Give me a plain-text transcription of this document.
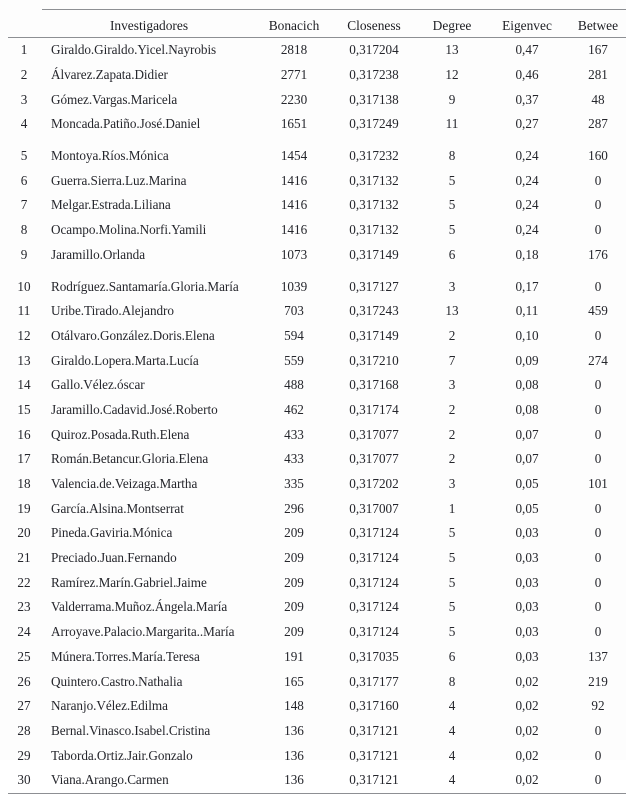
	Investigadores	Bonacich	Closeness	Degree	Eigenvec	Betwee
1	Giraldo.Giraldo.Yicel.Nayrobis	2818	0,317204	13	0,47	167
2	Álvarez.Zapata.Didier	2771	0,317238	12	0,46	281
3	Gómez.Vargas.Maricela	2230	0,317138	9	0,37	48
4	Moncada.Patiño.José.Daniel	1651	0,317249	11	0,27	287
5	Montoya.Ríos.Mónica	1454	0,317232	8	0,24	160
6	Guerra.Sierra.Luz.Marina	1416	0,317132	5	0,24	0
7	Melgar.Estrada.Liliana	1416	0,317132	5	0,24	0
8	Ocampo.Molina.Norfi.Yamili	1416	0,317132	5	0,24	0
9	Jaramillo.Orlanda	1073	0,317149	6	0,18	176
10	Rodríguez.Santamaría.Gloria.María	1039	0,317127	3	0,17	0
11	Uribe.Tirado.Alejandro	703	0,317243	13	0,11	459
12	Otálvaro.González.Doris.Elena	594	0,317149	2	0,10	0
13	Giraldo.Lopera.Marta.Lucía	559	0,317210	7	0,09	274
14	Gallo.Vélez.óscar	488	0,317168	3	0,08	0
15	Jaramillo.Cadavid.José.Roberto	462	0,317174	2	0,08	0
16	Quiroz.Posada.Ruth.Elena	433	0,317077	2	0,07	0
17	Román.Betancur.Gloria.Elena	433	0,317077	2	0,07	0
18	Valencia.de.Veizaga.Martha	335	0,317202	3	0,05	101
19	García.Alsina.Montserrat	296	0,317007	1	0,05	0
20	Pineda.Gaviria.Mónica	209	0,317124	5	0,03	0
21	Preciado.Juan.Fernando	209	0,317124	5	0,03	0
22	Ramírez.Marín.Gabriel.Jaime	209	0,317124	5	0,03	0
23	Valderrama.Muñoz.Ángela.María	209	0,317124	5	0,03	0
24	Arroyave.Palacio.Margarita..María	209	0,317124	5	0,03	0
25	Múnera.Torres.María.Teresa	191	0,317035	6	0,03	137
26	Quintero.Castro.Nathalia	165	0,317177	8	0,02	219
27	Naranjo.Vélez.Edilma	148	0,317160	4	0,02	92
28	Bernal.Vinasco.Isabel.Cristina	136	0,317121	4	0,02	0
29	Taborda.Ortiz.Jair.Gonzalo	136	0,317121	4	0,02	0
30	Viana.Arango.Carmen	136	0,317121	4	0,02	0
